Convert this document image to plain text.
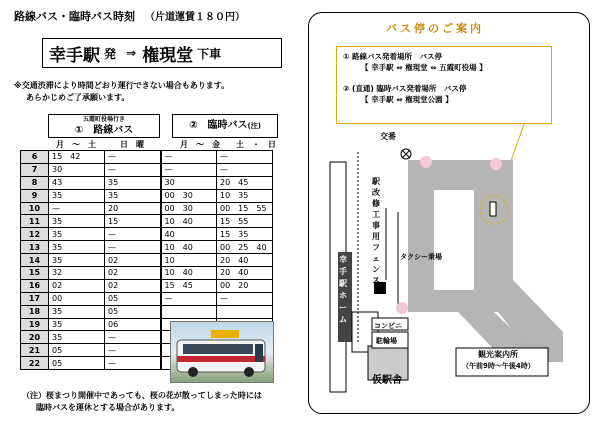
路線バス・臨時バス時刻 （片道運賃１８０円）
幸手駅 発 ⇒ 権現堂 下車
※交通渋滞により時間どおり運行できない場合もあります。
あらかじめご了承願います。
五霞町役場行き
①　路線バス	②　臨時バス(注)
月　～　土	日　曜	月　～　金	土　・　日
6	15　42	—	—	—
7	30	—	—	—
8	43	35	30	20　45
9	35	35	00　30	10　35
10	—	20	00　30	00　15　55
11	35	15	10　40	15　55
12	35	—	40	15　35
13	35	—	10　40	00　25　40
14	35	02	10	20　40
15	32	02	10　40	20　40
16	02	02	15　45	00　20
17	00	05	—	—
18	35	05		
19	35	06		
20	35	—		
21	05	—		
22	05	—		
（注）桜まつり開催中であっても、桜の花が散ってしまった時には
臨時バスを運休とする場合があります。
バス停のご案内
① 路線バス発着場所　バス停
【 幸手駅 ⇔ 権現堂 ⇔ 五霞町役場 】
② (直通) 臨時バス発着場所　バス停
【 幸手駅 ⇔ 権現堂公園 】
交番
駅改修工事用フェンス
タクシー乗場
幸手駅ホーム
コンビニ
駐輪場
仮駅舎
観光案内所
（午前9時～午後4時）
